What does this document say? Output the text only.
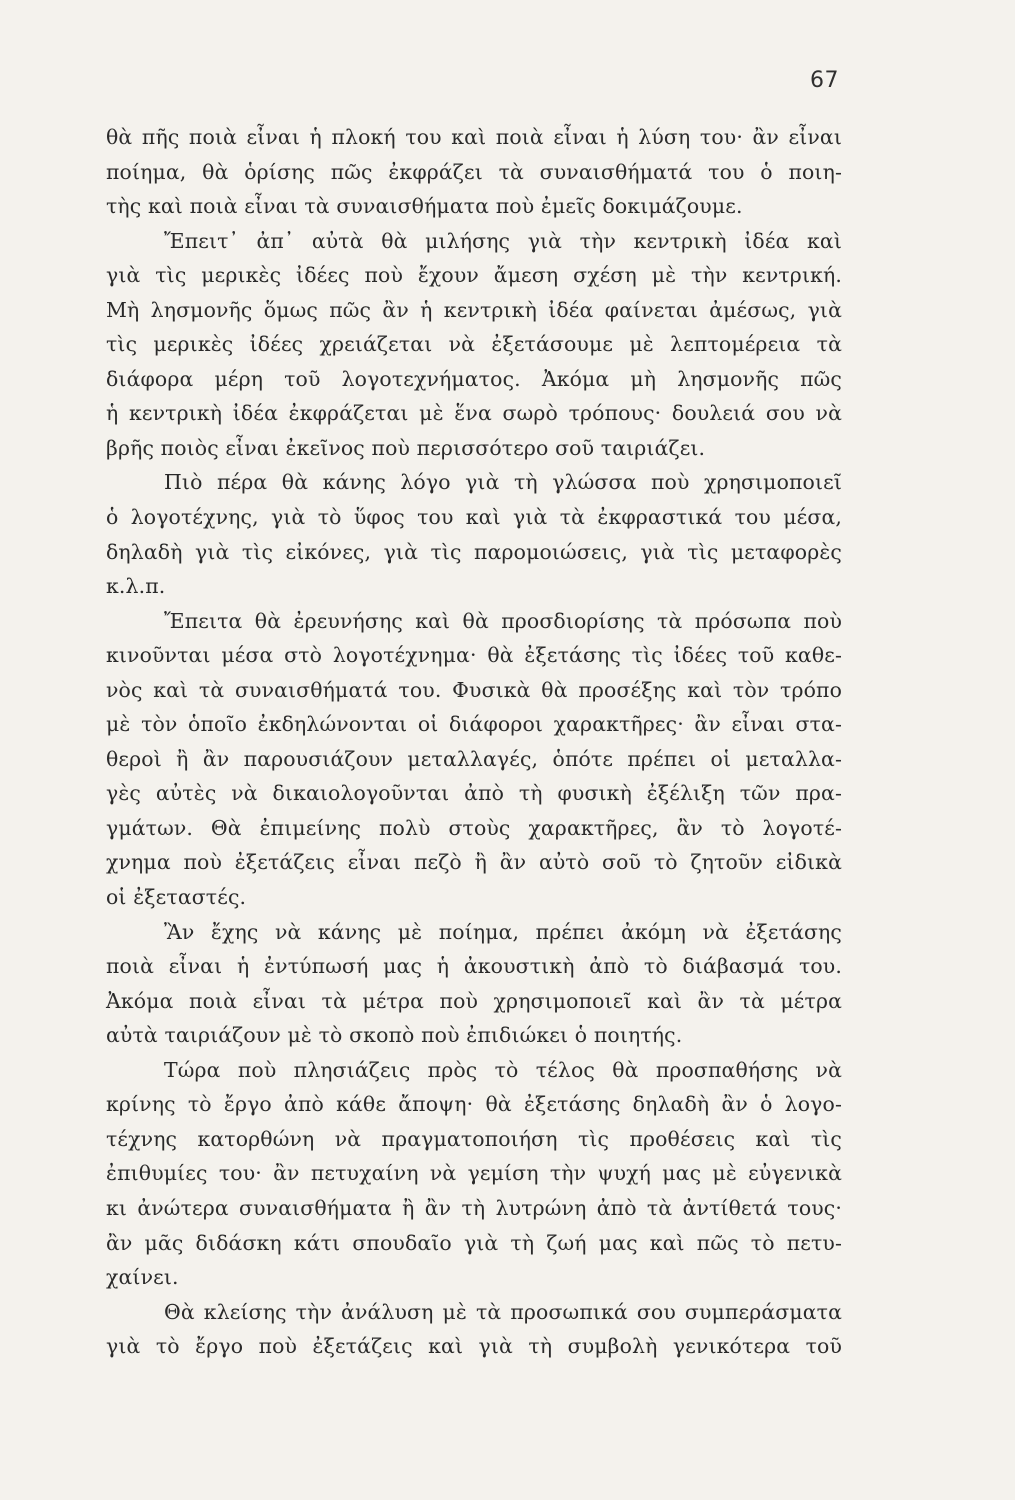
67
θὰ πῆς ποιὰ εἶναι ἡ πλοκή του καὶ ποιὰ εἶναι ἡ λύση του· ἂν εἶναι
ποίημα, θὰ ὁρίσης πῶς ἐκφράζει τὰ συναισθήματά του ὁ ποιη-
τὴς καὶ ποιὰ εἶναι τὰ συναισθήματα ποὺ ἐμεῖς δοκιμάζουμε.
Ἔπειτ᾽ ἀπ᾽ αὐτὰ θὰ μιλήσης γιὰ τὴν κεντρικὴ ἰδέα καὶ
γιὰ τὶς μερικὲς ἰδέες ποὺ ἔχουν ἄμεση σχέση μὲ τὴν κεντρική.
Μὴ λησμονῆς ὅμως πῶς ἂν ἡ κεντρικὴ ἰδέα φαίνεται ἀμέσως, γιὰ
τὶς μερικὲς ἰδέες χρειάζεται νὰ ἐξετάσουμε μὲ λεπτομέρεια τὰ
διάφορα μέρη τοῦ λογοτεχνήματος. Ἀκόμα μὴ λησμονῆς πῶς
ἡ κεντρικὴ ἰδέα ἐκφράζεται μὲ ἕνα σωρὸ τρόπους· δουλειά σου νὰ
βρῆς ποιὸς εἶναι ἐκεῖνος ποὺ περισσότερο σοῦ ταιριάζει.
Πιὸ πέρα θὰ κάνης λόγο γιὰ τὴ γλώσσα ποὺ χρησιμοποιεῖ
ὁ λογοτέχνης, γιὰ τὸ ὕφος του καὶ γιὰ τὰ ἐκφραστικά του μέσα,
δηλαδὴ γιὰ τὶς εἰκόνες, γιὰ τὶς παρομοιώσεις, γιὰ τὶς μεταφορὲς
κ.λ.π.
Ἔπειτα θὰ ἐρευνήσης καὶ θὰ προσδιορίσης τὰ πρόσωπα ποὺ
κινοῦνται μέσα στὸ λογοτέχνημα· θὰ ἐξετάσης τὶς ἰδέες τοῦ καθε-
νὸς καὶ τὰ συναισθήματά του. Φυσικὰ θὰ προσέξης καὶ τὸν τρόπο
μὲ τὸν ὁποῖο ἐκδηλώνονται οἱ διάφοροι χαρακτῆρες· ἂν εἶναι στα-
θεροὶ ἢ ἂν παρουσιάζουν μεταλλαγές, ὁπότε πρέπει οἱ μεταλλα-
γὲς αὐτὲς νὰ δικαιολογοῦνται ἀπὸ τὴ φυσικὴ ἐξέλιξη τῶν πρα-
γμάτων. Θὰ ἐπιμείνης πολὺ στοὺς χαρακτῆρες, ἂν τὸ λογοτέ-
χνημα ποὺ ἐξετάζεις εἶναι πεζὸ ἢ ἂν αὐτὸ σοῦ τὸ ζητοῦν εἰδικὰ
οἱ ἐξεταστές.
Ἂν ἔχης νὰ κάνης μὲ ποίημα, πρέπει ἀκόμη νὰ ἐξετάσης
ποιὰ εἶναι ἡ ἐντύπωσή μας ἡ ἀκουστικὴ ἀπὸ τὸ διάβασμά του.
Ἀκόμα ποιὰ εἶναι τὰ μέτρα ποὺ χρησιμοποιεῖ καὶ ἂν τὰ μέτρα
αὐτὰ ταιριάζουν μὲ τὸ σκοπὸ ποὺ ἐπιδιώκει ὁ ποιητής.
Τώρα ποὺ πλησιάζεις πρὸς τὸ τέλος θὰ προσπαθήσης νὰ
κρίνης τὸ ἔργο ἀπὸ κάθε ἄποψη· θὰ ἐξετάσης δηλαδὴ ἂν ὁ λογο-
τέχνης κατορθώνη νὰ πραγματοποιήση τὶς προθέσεις καὶ τὶς
ἐπιθυμίες του· ἂν πετυχαίνη νὰ γεμίση τὴν ψυχή μας μὲ εὐγενικὰ
κι ἀνώτερα συναισθήματα ἢ ἂν τὴ λυτρώνη ἀπὸ τὰ ἀντίθετά τους·
ἂν μᾶς διδάσκη κάτι σπουδαῖο γιὰ τὴ ζωή μας καὶ πῶς τὸ πετυ-
χαίνει.
Θὰ κλείσης τὴν ἀνάλυση μὲ τὰ προσωπικά σου συμπεράσματα
γιὰ τὸ ἔργο ποὺ ἐξετάζεις καὶ γιὰ τὴ συμβολὴ γενικότερα τοῦ
